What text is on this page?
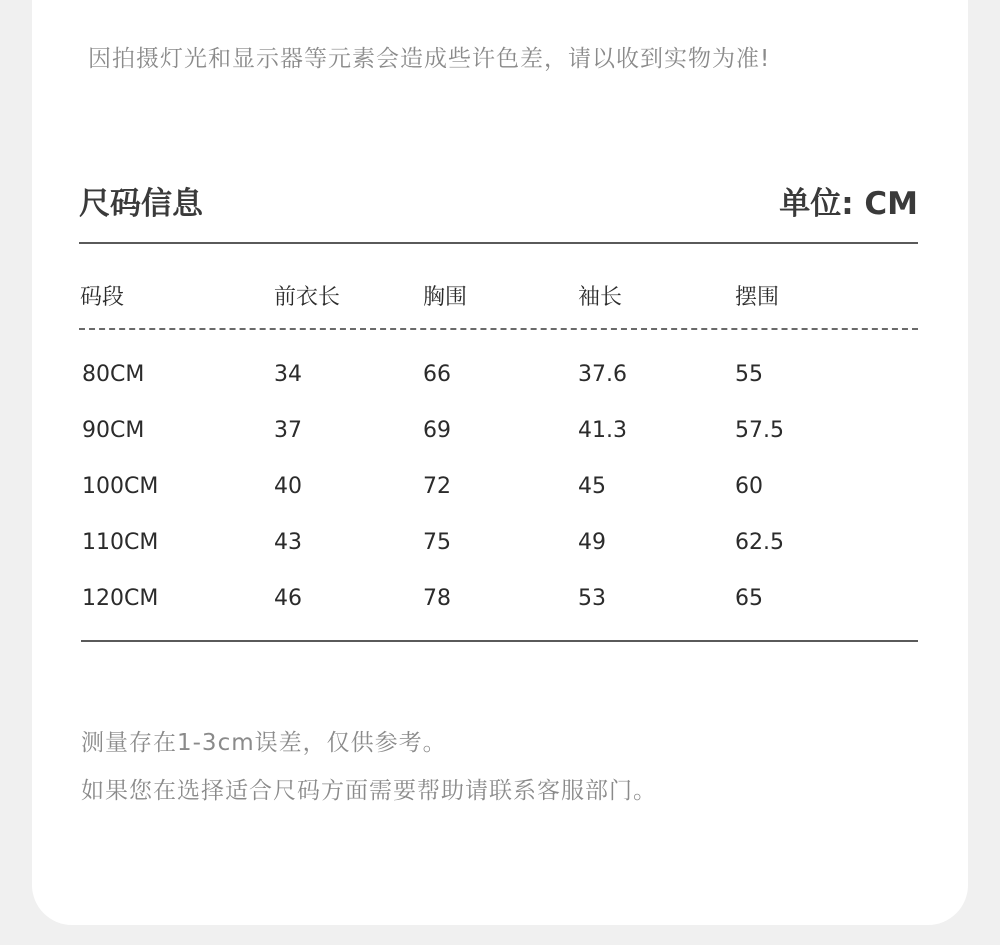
因拍摄灯光和显示器等元素会造成些许色差，请以收到实物为准!
尺码信息	单位: CM
码段	前衣长	胸围	袖长	摆围
80CM	34	66	37.6	55
90CM	37	69	41.3	57.5
100CM	40	72	45	60
110CM	43	75	49	62.5
120CM	46	78	53	65
测量存在1-3cm误差，仅供参考。
如果您在选择适合尺码方面需要帮助请联系客服部门。
